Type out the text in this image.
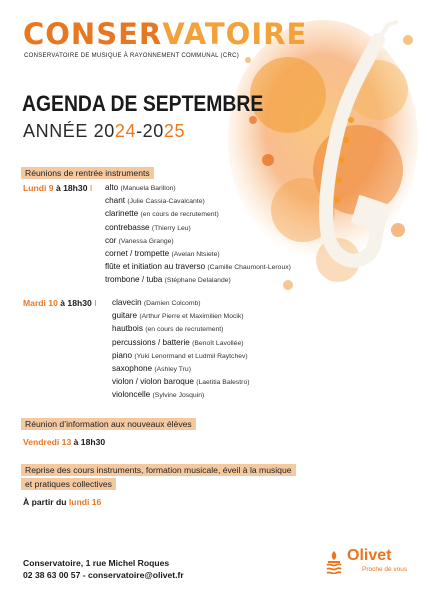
CONSERVATOIRE
CONSERVATOIRE DE MUSIQUE À RAYONNEMENT COMMUNAL (CRC)
AGENDA DE SEPTEMBRE
ANNÉE 2024-2025
Réunions de rentrée instruments
Lundi 9 à 18h30 I alto (Manuela Barillon)
chant (Julie Cassia-Cavalcante)
clarinette (en cours de recrutement)
contrebasse (Thierry Leu)
cor (Vanessa Grange)
cornet / trompette (Avelan Ntsiete)
flûte et initiation au traverso (Camille Chaumont-Leroux)
trombone / tuba (Stéphane Delalande)
Mardi 10 à 18h30 I clavecin (Damien Colcomb)
guitare (Arthur Pierre et Maximilien Mocik)
hautbois (en cours de recrutement)
percussions / batterie (Benoît Lavollée)
piano (Yuki Lenormand et Ludmil Raytchev)
saxophone (Ashley Tru)
violon / violon baroque (Laetitia Balestro)
violoncelle (Sylvine Josquin)
Réunion d’information aux nouveaux élèves
Vendredi 13 à 18h30
Reprise des cours instruments, formation musicale, éveil à la musique
et pratiques collectives
À partir du lundi 16
Conservatoire, 1 rue Michel Roques
02 38 63 00 57 - conservatoire@olivet.fr
Olivet
Proche de vous
